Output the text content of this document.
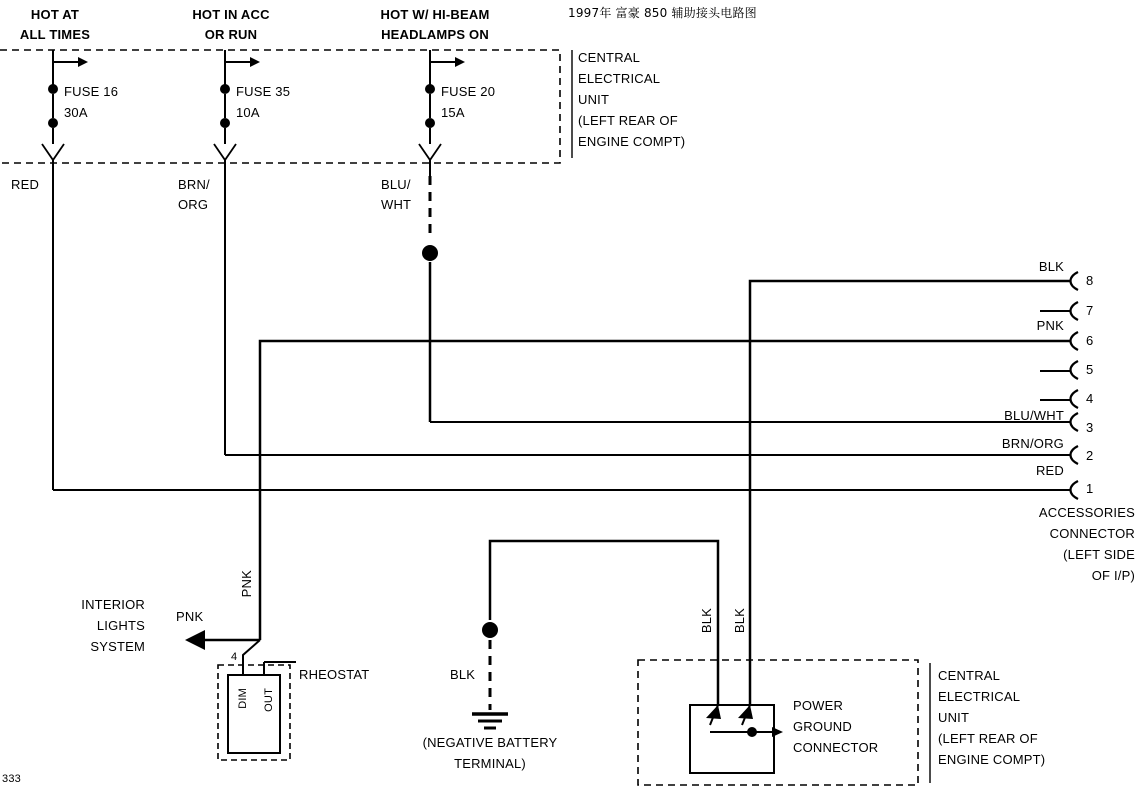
1997年 富豪 850 辅助接头电路图
333
HOT AT
ALL TIMES
FUSE 16
30A
RED
HOT IN ACC
OR RUN
FUSE 35
10A
BRN/
ORG
HOT W/ HI-BEAM
HEADLAMPS ON
FUSE 20
15A
BLU/
WHT
CENTRAL
ELECTRICAL
UNIT
(LEFT REAR OF
ENGINE COMPT)
8
7
6
5
4
3
2
1
BLK
PNK
BLU/WHT
BRN/ORG
RED
ACCESSORIES
CONNECTOR
(LEFT SIDE
OF I/P)
INTERIOR
LIGHTS
SYSTEM
PNK
PNK
4
RHEOSTAT
DIM OUT
BLK
(NEGATIVE BATTERY
TERMINAL)
BLK BLK
POWER
GROUND
CONNECTOR
CENTRAL
ELECTRICAL
UNIT
(LEFT REAR OF
ENGINE COMPT)
